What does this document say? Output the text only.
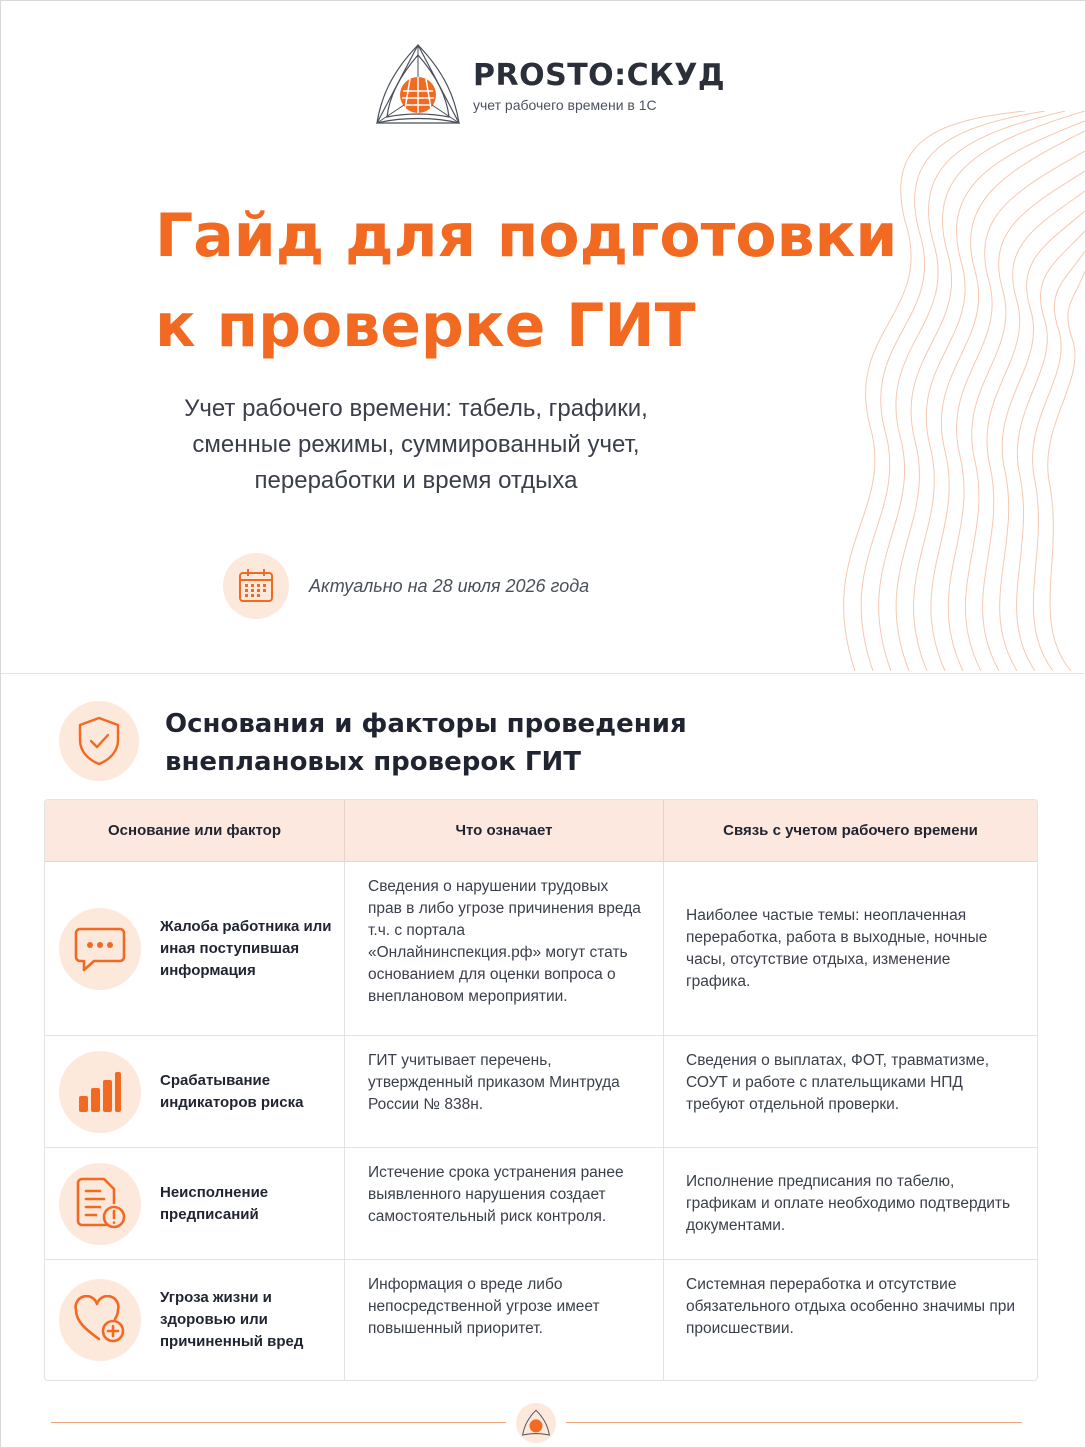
PROSTO:СКУД
учет рабочего времени в 1С
Гайд для подготовки
к проверке ГИТ
Учет рабочего времени: табель, графики,
сменные режимы, суммированный учет,
переработки и время отдыха
Актуально на 28 июля 2026 года
Основания и факторы проведения
внеплановых проверок ГИТ
Основание или фактор	Что означает	Связь с учетом рабочего времени
Жалоба работника или иная поступившая информация
Сведения о нарушении трудовых прав в либо угрозе причинения вреда т.ч. с портала «Онлайнинспекция.рф» могут стать основанием для оценки вопроса о внеплановом мероприятии.
Наиболее частые темы: неоплаченная переработка, работа в выходные, ночные часы, отсутствие отдыха, изменение графика.
Срабатывание индикаторов риска
ГИТ учитывает перечень, утвержденный приказом Минтруда России № 838н.
Сведения о выплатах, ФОТ, травматизме, СОУТ и работе с плательщиками НПД требуют отдельной проверки.
Неисполнение предписаний
Истечение срока устранения ранее выявленного нарушения создает самостоятельный риск контроля.
Исполнение предписания по табелю, графикам и оплате необходимо подтвердить документами.
Угроза жизни и здоровью или причиненный вред
Информация о вреде либо непосредственной угрозе имеет повышенный приоритет.
Системная переработка и отсутствие обязательного отдыха особенно значимы при происшествии.
